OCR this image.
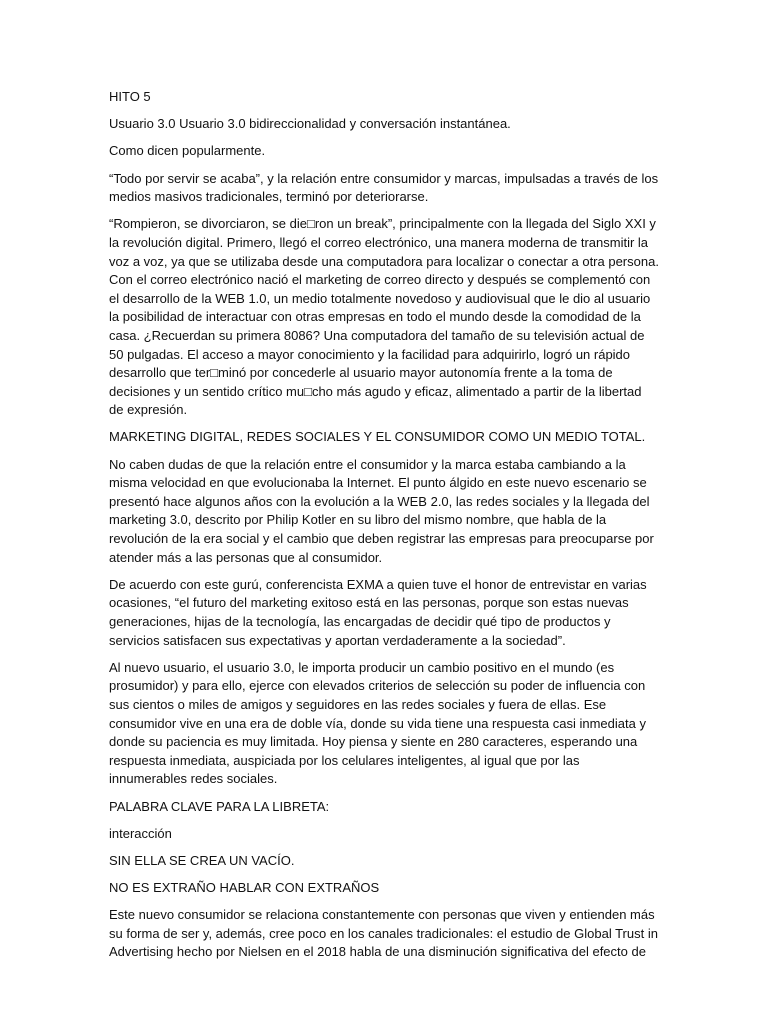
HITO 5

Usuario 3.0 Usuario 3.0 bidireccionalidad y conversación instantánea.

Como dicen popularmente.

“Todo por servir se acaba”, y la relación entre consumidor y marcas, impulsadas a través de los medios masivos tradicionales, terminó por deteriorarse.

“Rompieron, se divorciaron, se die□ron un break”, principalmente con la llegada del Siglo XXI y la revolución digital. Primero, llegó el correo electrónico, una manera moderna de transmitir la voz a voz, ya que se utilizaba desde una computadora para localizar o conectar a otra persona. Con el correo electrónico nació el marketing de correo directo y después se complementó con el desarrollo de la WEB 1.0, un medio totalmente novedoso y audiovisual que le dio al usuario la posibilidad de interactuar con otras empresas en todo el mundo desde la comodidad de la casa. ¿Recuerdan su primera 8086? Una computadora del tamaño de su televisión actual de 50 pulgadas. El acceso a mayor conocimiento y la facilidad para adquirirlo, logró un rápido desarrollo que ter□minó por concederle al usuario mayor autonomía frente a la toma de decisiones y un sentido crítico mu□cho más agudo y eficaz, alimentado a partir de la libertad de expresión.

MARKETING DIGITAL, REDES SOCIALES Y EL CONSUMIDOR COMO UN MEDIO TOTAL.

No caben dudas de que la relación entre el consumidor y la marca estaba cambiando a la misma velocidad en que evolucionaba la Internet. El punto álgido en este nuevo escenario se presentó hace algunos años con la evolución a la WEB 2.0, las redes sociales y la llegada del marketing 3.0, descrito por Philip Kotler en su libro del mismo nombre, que habla de la revolución de la era social y el cambio que deben registrar las empresas para preocuparse por atender más a las personas que al consumidor.

De acuerdo con este gurú, conferencista EXMA a quien tuve el honor de entrevistar en varias ocasiones, “el futuro del marketing exitoso está en las personas, porque son estas nuevas generaciones, hijas de la tecnología, las encargadas de decidir qué tipo de productos y servicios satisfacen sus expectativas y aportan verdaderamente a la sociedad”.

Al nuevo usuario, el usuario 3.0, le importa producir un cambio positivo en el mundo (es prosumidor) y para ello, ejerce con elevados criterios de selección su poder de influencia con sus cientos o miles de amigos y seguidores en las redes sociales y fuera de ellas. Ese consumidor vive en una era de doble vía, donde su vida tiene una respuesta casi inmediata y donde su paciencia es muy limitada. Hoy piensa y siente en 280 caracteres, esperando una respuesta inmediata, auspiciada por los celulares inteligentes, al igual que por las innumerables redes sociales.

PALABRA CLAVE PARA LA LIBRETA:

interacción

SIN ELLA SE CREA UN VACÍO.

NO ES EXTRAÑO HABLAR CON EXTRAÑOS

Este nuevo consumidor se relaciona constantemente con personas que viven y entienden más su forma de ser y, además, cree poco en los canales tradicionales: el estudio de Global Trust in Advertising hecho por Nielsen en el 2018 habla de una disminución significativa del efecto de
